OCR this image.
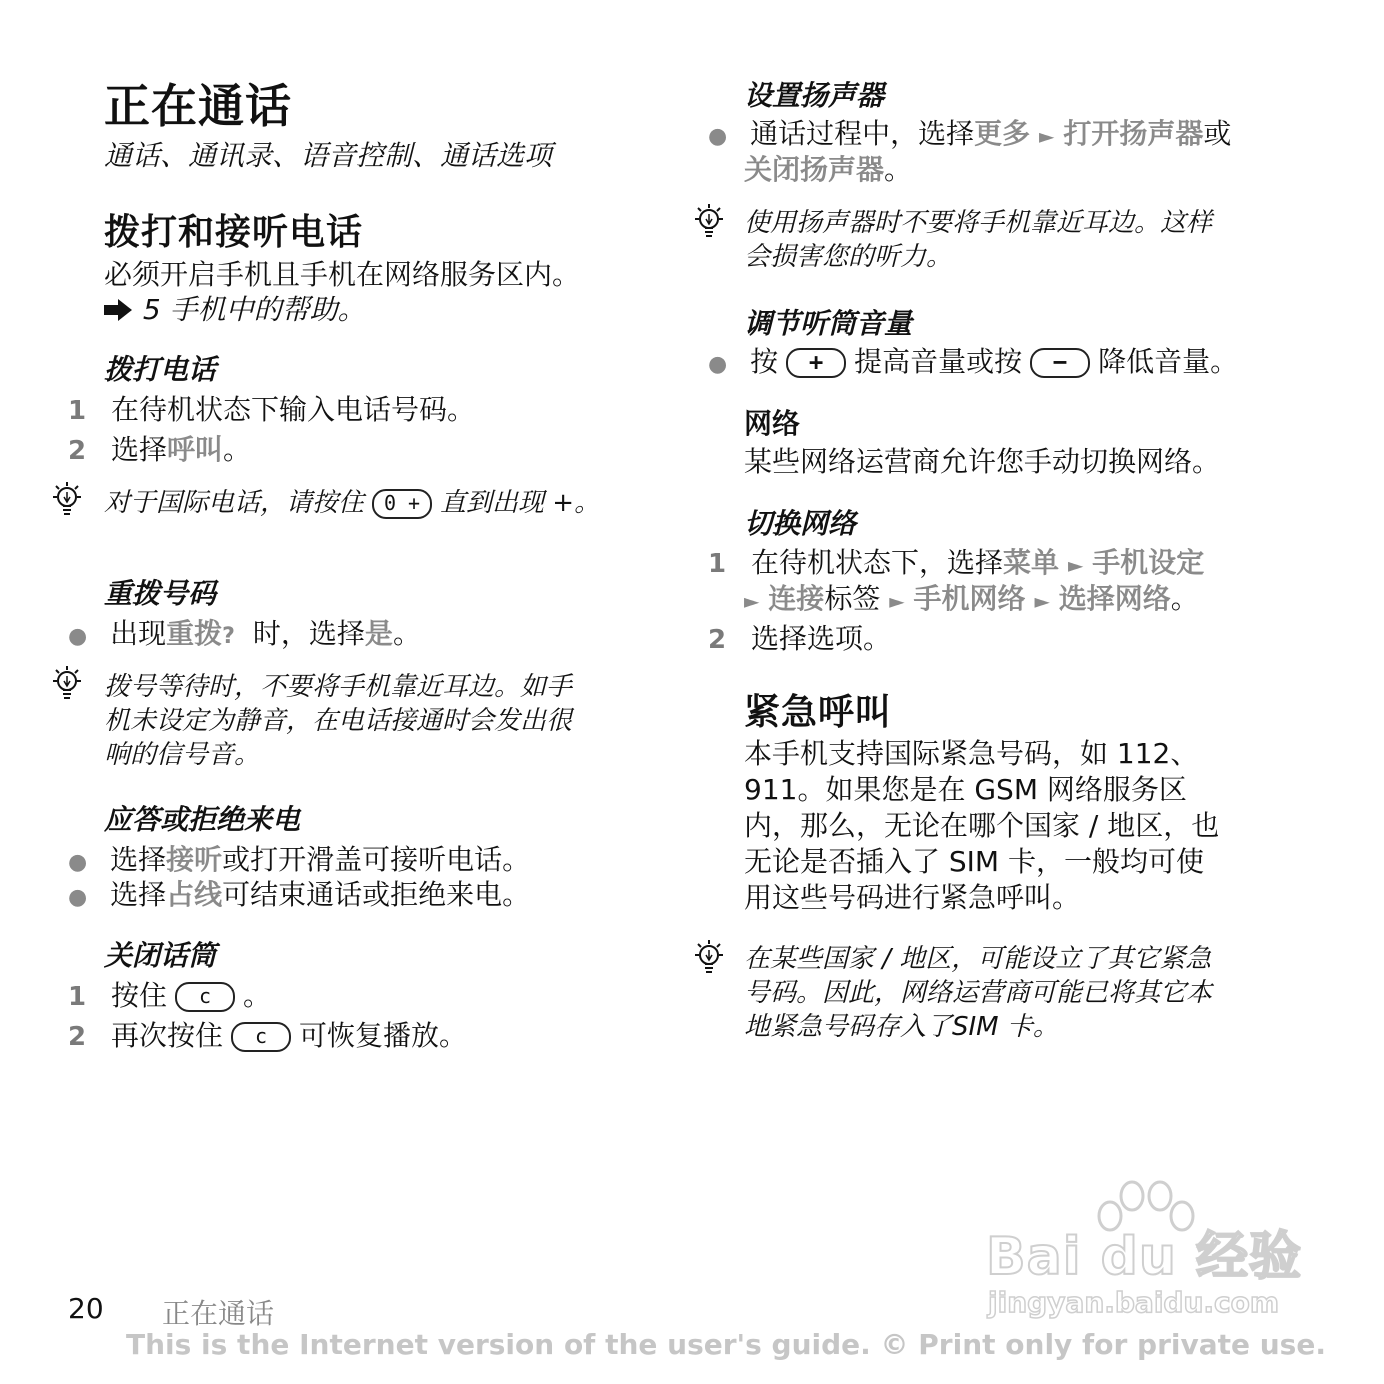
正在通话
通话、通讯录、语音控制、通话选项
拨打和接听电话
必须开启手机且手机在网络服务区内。
5 手机中的帮助。
拨打电话
1 在待机状态下输入电话号码。
2 选择呼叫。
对于国际电话，请按住 0 + 直到出现 +。
重拨号码
● 出现重拨? 时，选择是。
拨号等待时，不要将手机靠近耳边。如手
机未设定为静音，在电话接通时会发出很
响的信号音。
应答或拒绝来电
● 选择接听或打开滑盖可接听电话。
● 选择占线可结束通话或拒绝来电。
关闭话筒
1 按住 c 。
2 再次按住 c 可恢复播放。
设置扬声器
● 通话过程中，选择更多 ► 打开扬声器或
关闭扬声器。
使用扬声器时不要将手机靠近耳边。这样
会损害您的听力。
调节听筒音量
● 按 + 提高音量或按 − 降低音量。
网络
某些网络运营商允许您手动切换网络。
切换网络
1 在待机状态下，选择菜单 ► 手机设定
► 连接标签 ► 手机网络 ► 选择网络。
2 选择选项。
紧急呼叫
本手机支持国际紧急号码，如 112、
911。如果您是在 GSM 网络服务区
内，那么，无论在哪个国家 / 地区，也
无论是否插入了 SIM 卡，一般均可使
用这些号码进行紧急呼叫。
在某些国家 / 地区，可能设立了其它紧急
号码。因此，网络运营商可能已将其它本
地紧急号码存入了SIM 卡。
Bai du 经验
jingyan.baidu.com
20 正在通话
This is the Internet version of the user's guide. © Print only for private use.
